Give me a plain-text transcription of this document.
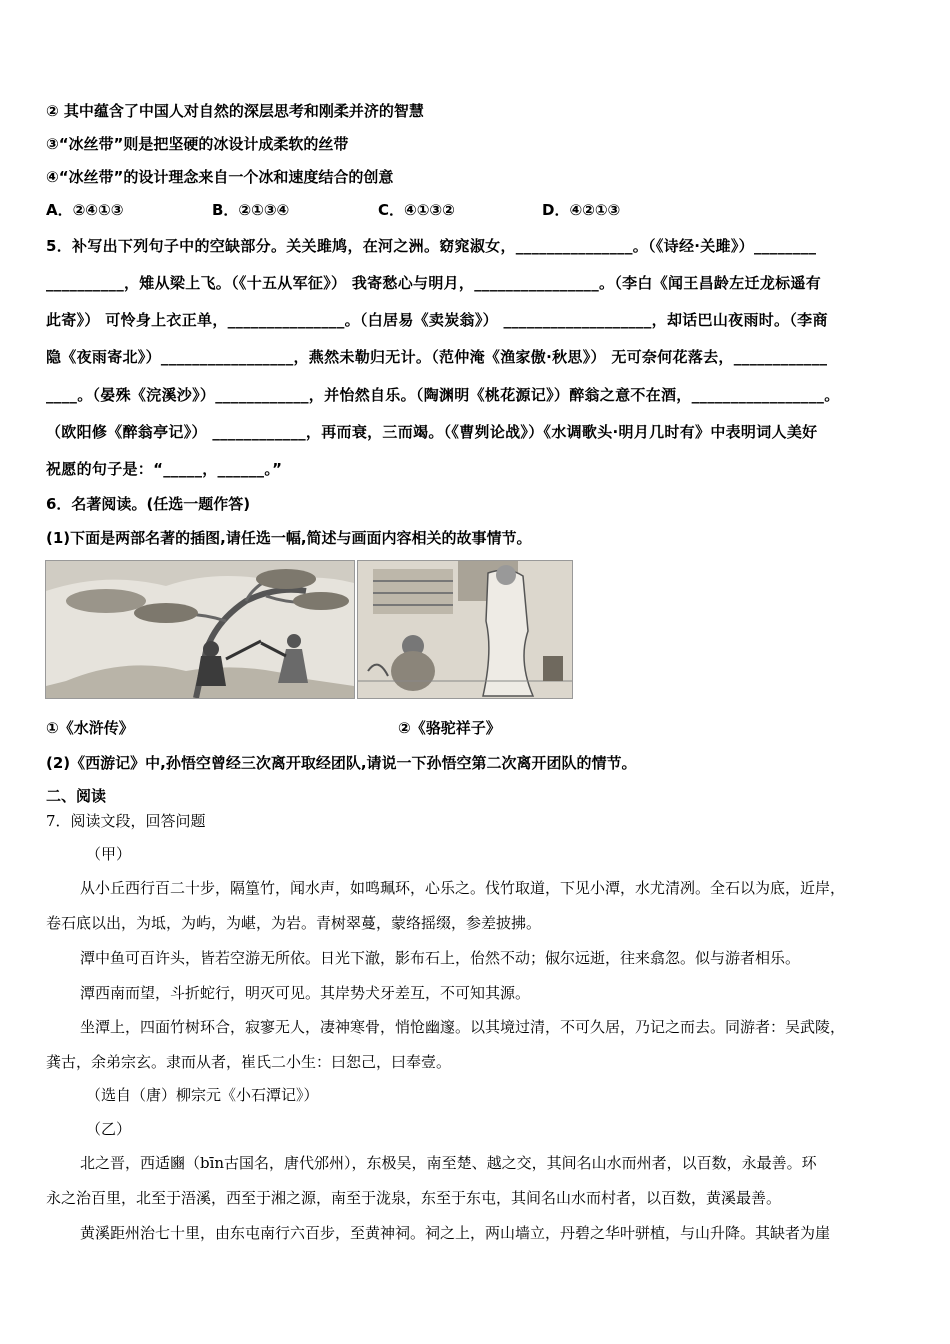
② 其中蕴含了中国人对自然的深层思考和刚柔并济的智慧
③“冰丝带”则是把坚硬的冰设计成柔软的丝带
④“冰丝带”的设计理念来自一个冰和速度结合的创意
A．②④①③	B．②①③④	C．④①③②	D．④②①③
5．补写出下列句子中的空缺部分。关关雎鸠，在河之洲。窈窕淑女，_______________。（《诗经·关雎》）________
__________，雉从梁上飞。（《十五从军征》） 我寄愁心与明月，________________。（李白《闻王昌龄左迁龙标遥有
此寄》） 可怜身上衣正单，_______________。（白居易《卖炭翁》） ___________________，却话巴山夜雨时。（李商
隐《夜雨寄北》）_________________，燕然未勒归无计。（范仲淹《渔家傲·秋思》） 无可奈何花落去，____________
____。（晏殊《浣溪沙》）____________，并怡然自乐。（陶渊明《桃花源记》）醉翁之意不在酒，_________________。
（欧阳修《醉翁亭记》） ____________，再而衰，三而竭。（《曹刿论战》）《水调歌头·明月几时有》中表明词人美好
祝愿的句子是：“_____，______。”
6．名著阅读。(任选一题作答)
(1)下面是两部名著的插图,请任选一幅,简述与画面内容相关的故事情节。
①《水浒传》	②《骆驼祥子》
(2)《西游记》中,孙悟空曾经三次离开取经团队,请说一下孙悟空第二次离开团队的情节。
二、阅读
7．阅读文段，回答问题
（甲）
从小丘西行百二十步，隔篁竹，闻水声，如鸣珮环，心乐之。伐竹取道，下见小潭，水尤清冽。全石以为底，近岸，
卷石底以出，为坻，为屿，为嵁，为岩。青树翠蔓，蒙络摇缀，参差披拂。
潭中鱼可百许头，皆若空游无所依。日光下澈，影布石上，佁然不动；俶尔远逝，往来翕忽。似与游者相乐。
潭西南而望，斗折蛇行，明灭可见。其岸势犬牙差互，不可知其源。
坐潭上，四面竹树环合，寂寥无人，凄神寒骨，悄怆幽邃。以其境过清，不可久居，乃记之而去。同游者：吴武陵，
龚古，余弟宗玄。隶而从者，崔氏二小生：曰恕己，曰奉壹。
（选自（唐）柳宗元《小石潭记》）
（乙）
北之晋，西适豳（bīn古国名，唐代邠州），东极吴，南至楚、越之交，其间名山水而州者，以百数，永最善。环
永之治百里，北至于浯溪，西至于湘之源，南至于泷泉，东至于东屯，其间名山水而村者，以百数，黄溪最善。
黄溪距州治七十里，由东屯南行六百步，至黄神祠。祠之上，两山墙立，丹碧之华叶骈植，与山升降。其缺者为崖
